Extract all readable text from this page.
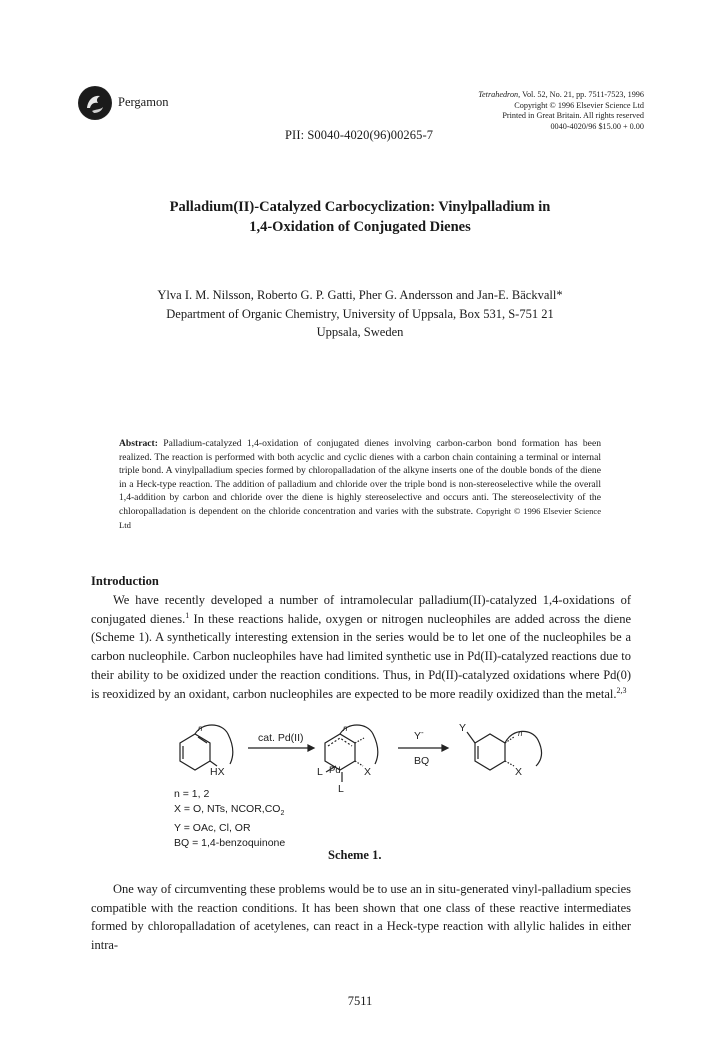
Pergamon
Tetrahedron, Vol. 52, No. 21, pp. 7511-7523, 1996
Copyright © 1996 Elsevier Science Ltd
Printed in Great Britain. All rights reserved
0040-4020/96 $15.00 + 0.00
PII: S0040-4020(96)00265-7
Palladium(II)-Catalyzed Carbocyclization: Vinylpalladium in
1,4-Oxidation of Conjugated Dienes
Ylva I. M. Nilsson, Roberto G. P. Gatti, Pher G. Andersson and Jan-E. Bäckvall*
Department of Organic Chemistry, University of Uppsala, Box 531, S-751 21
Uppsala, Sweden
Abstract: Palladium-catalyzed 1,4-oxidation of conjugated dienes involving carbon-carbon bond formation has been realized. The reaction is performed with both acyclic and cyclic dienes with a carbon chain containing a terminal or internal triple bond. A vinylpalladium species formed by chloropalladation of the alkyne inserts one of the double bonds of the diene in a Heck-type reaction. The addition of palladium and chloride over the triple bond is non-stereoselective while the overall 1,4-addition by carbon and chloride over the diene is highly stereoselective and occurs anti. The stereoselectivity of the chloropalladation is dependent on the chloride concentration and varies with the substrate. Copyright © 1996 Elsevier Science Ltd
Introduction
We have recently developed a number of intramolecular palladium(II)-catalyzed 1,4-oxidations of conjugated dienes.$^1$ In these reactions halide, oxygen or nitrogen nucleophiles are added across the diene (Scheme 1). A synthetically interesting extension in the series would be to let one of the nucleophiles be a carbon nucleophile. Carbon nucleophiles have had limited synthetic use in Pd(II)-catalyzed reactions due to their ability to be oxidized under the reaction conditions. Thus, in Pd(II)-catalyzed oxidations where Pd(0) is reoxidized by an oxidant, carbon nucleophiles are expected to be more readily oxidized than the metal.$^{2,3}$
HX
n
cat. Pd(II)
n
L Pd
L
X
Y-
BQ
Y	n
X
n = 1, 2
X = O, NTs, $NCOR,CO_2$
Y = OAc, Cl, OR
BQ = 1,4-benzoquinone
Scheme 1.
One way of circumventing these problems would be to use an in situ-generated vinyl-palladium species compatible with the reaction conditions. It has been shown that one class of these reactive intermediates formed by chloropalladation of acetylenes, can react in a Heck-type reaction with allylic halides in either intra-
7511
